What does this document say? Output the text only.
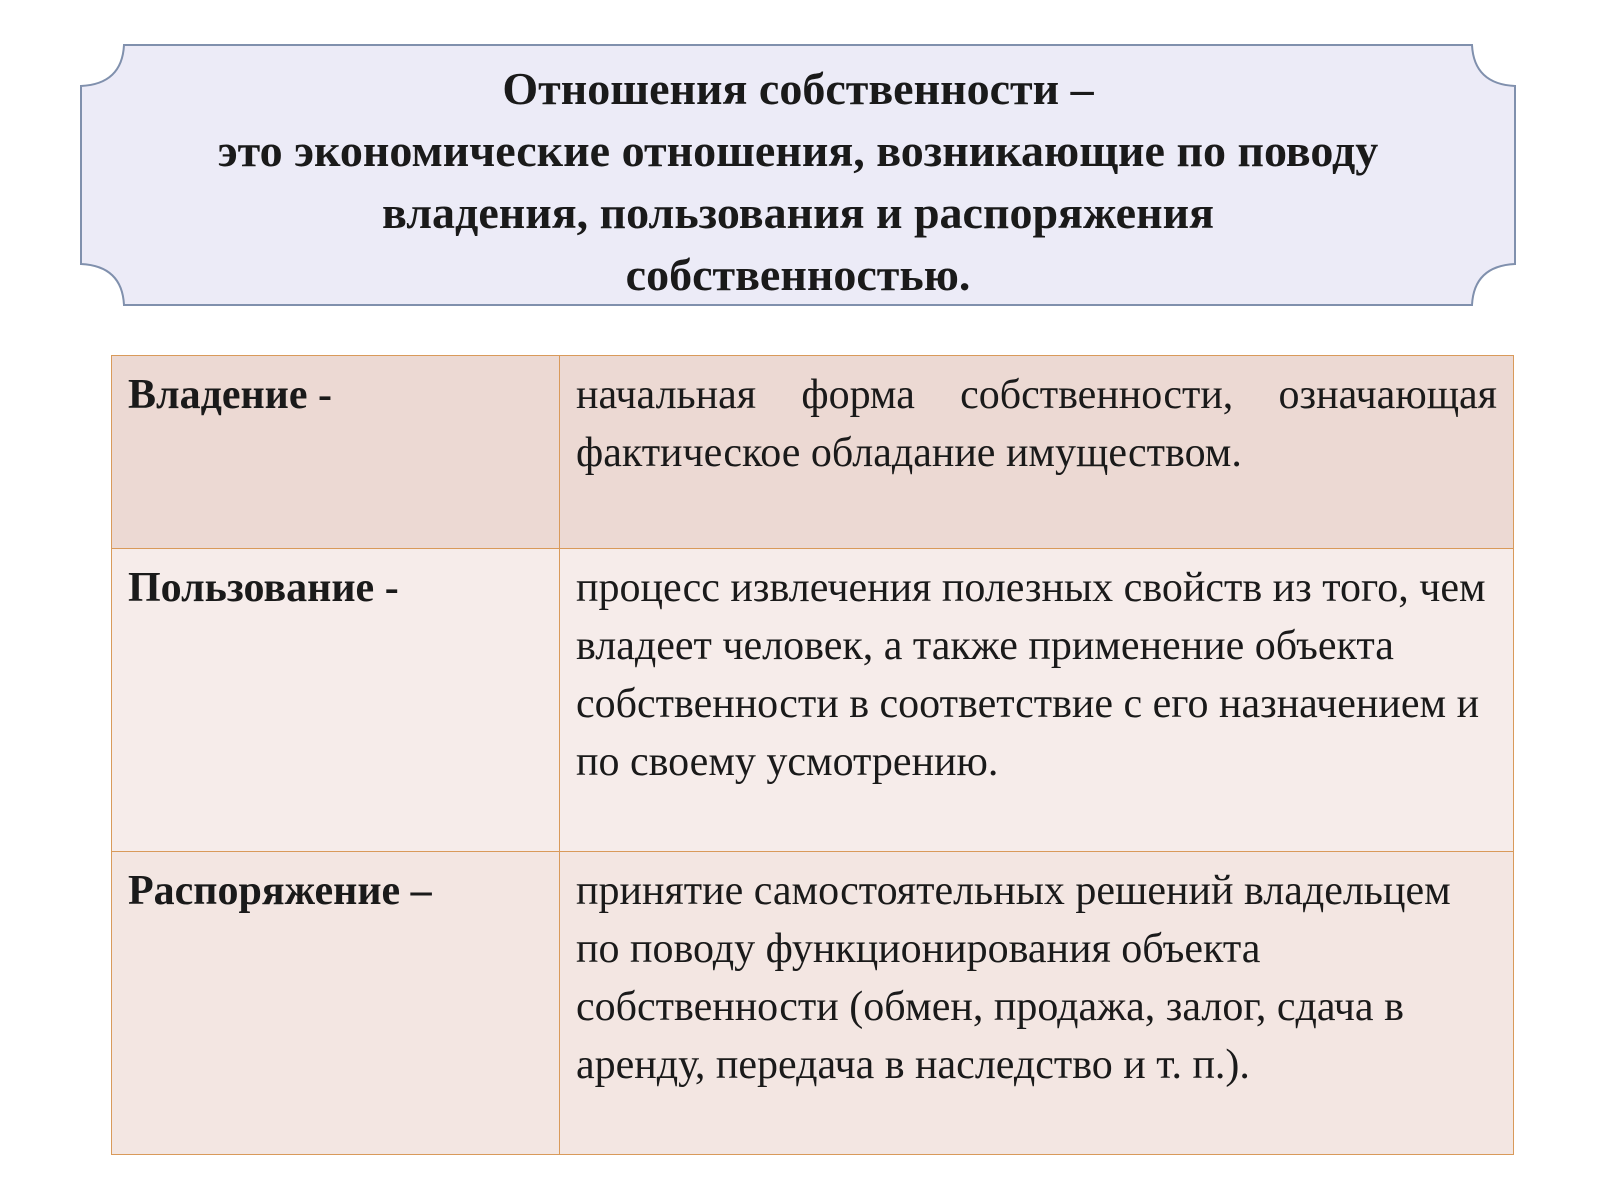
Отношения собственности –
это экономические отношения, возникающие по поводу
владения, пользования и распоряжения
собственностью.
Владение -	начальная форма собственности, означающая фактическое обладание имуществом.

Пользование -	процесс извлечения полезных свойств из того, чем владеет человек, а также применение объекта собственности в соответствие с его назначением и по своему усмотрению.

Распоряжение –	принятие самостоятельных решений владельцем по поводу функционирования объекта собственности (обмен, продажа, залог, сдача в аренду, передача в наследство и т. п.).
